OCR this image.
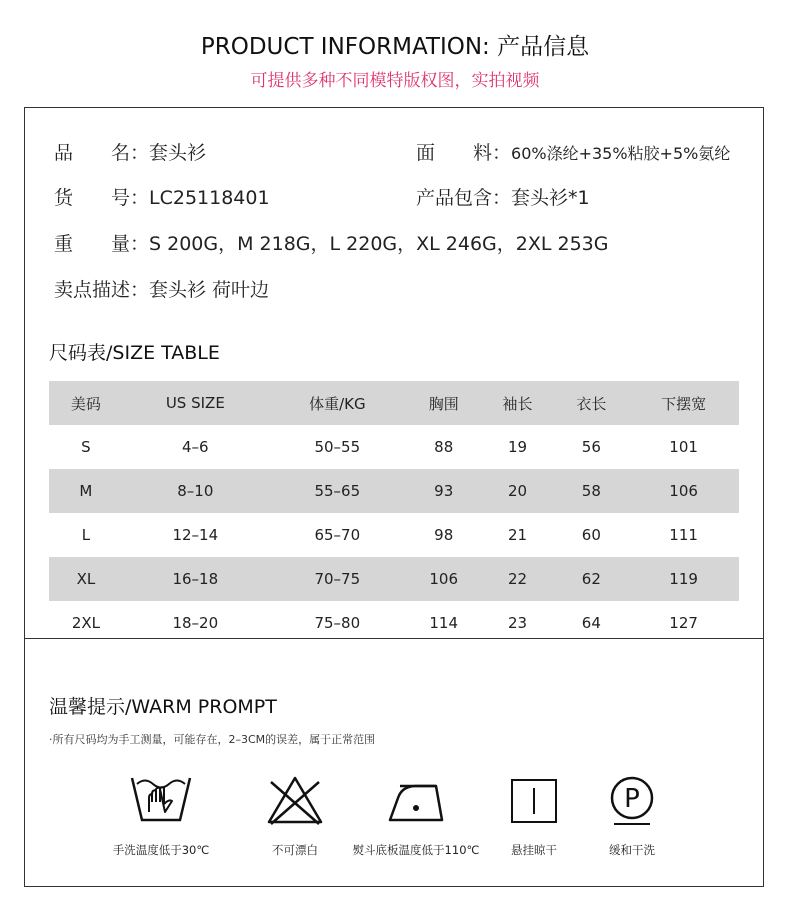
PRODUCT INFORMATION: 产品信息
可提供多种不同模特版权图，实拍视频
品　　名：套头衫	面　　料：60%涤纶+35%粘胶+5%氨纶
货　　号：LC25118401	产品包含：套头衫*1
重　　量：S 200G，M 218G，L 220G，XL 246G，2XL 253G
卖点描述：套头衫 荷叶边
尺码表/SIZE TABLE
美码	US SIZE	体重/KG	胸围	袖长	衣长	下摆宽
S	4–6	50–55	88	19	56	101
M	8–10	55–65	93	20	58	106
L	12–14	65–70	98	21	60	111
XL	16–18	70–75	106	22	62	119
2XL	18–20	75–80	114	23	64	127
温馨提示/WARM PROMPT
·所有尺码均为手工测量，可能存在，2–3CM的误差，属于正常范围
手洗温度低于30℃	不可漂白	熨斗底板温度低于110℃	悬挂晾干
P
缓和干洗
